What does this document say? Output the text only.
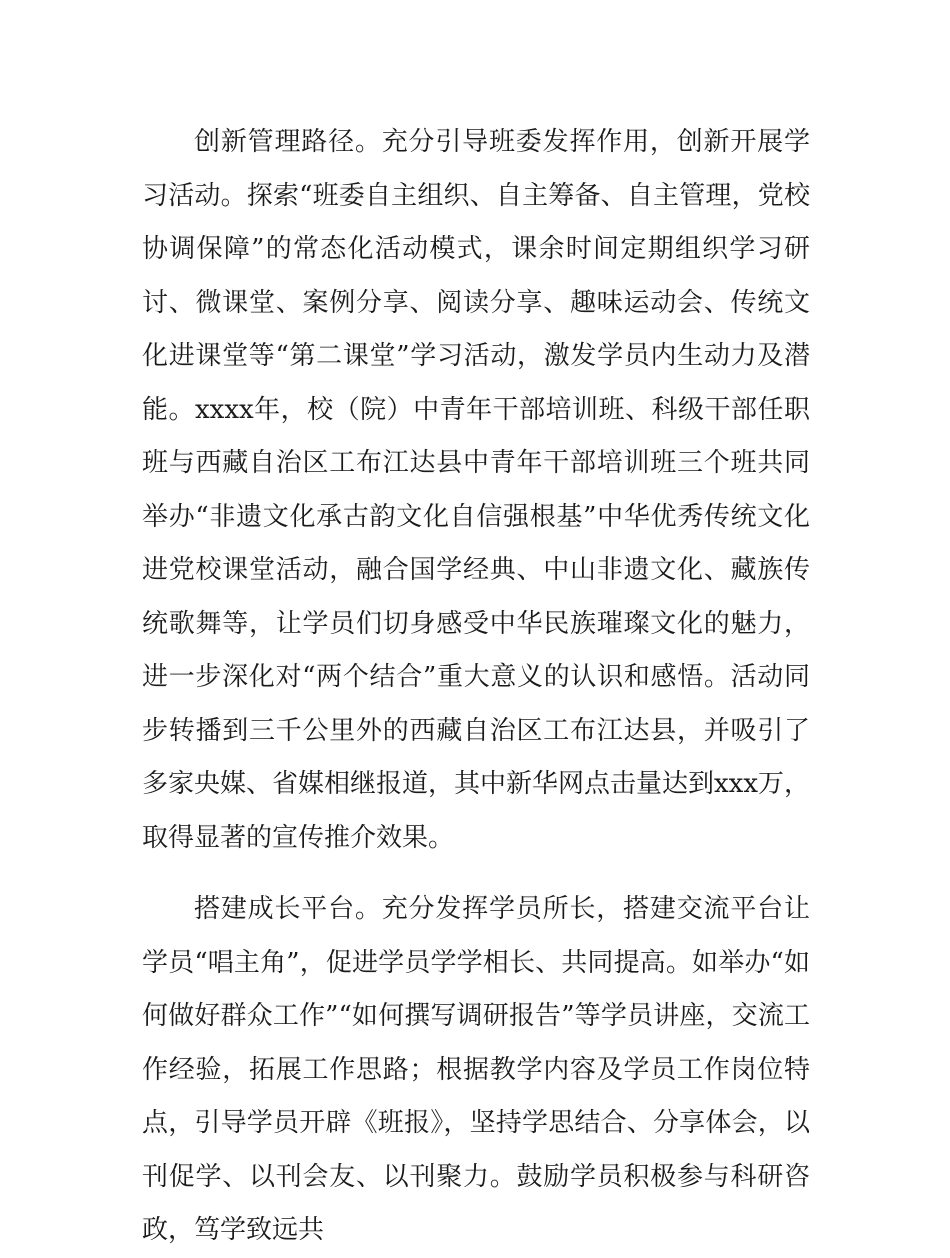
创新管理路径。充分引导班委发挥作用，创新开展学习活动。探索“班委自主组织、自主筹备、自主管理，党校协调保障”的常态化活动模式，课余时间定期组织学习研讨、微课堂、案例分享、阅读分享、趣味运动会、传统文化进课堂等“第二课堂”学习活动，激发学员内生动力及潜能。xxxx年，校（院）中青年干部培训班、科级干部任职班与西藏自治区工布江达县中青年干部培训班三个班共同举办“非遗文化承古韵文化自信强根基”中华优秀传统文化进党校课堂活动，融合国学经典、中山非遗文化、藏族传统歌舞等，让学员们切身感受中华民族璀璨文化的魅力，进一步深化对“两个结合”重大意义的认识和感悟。活动同步转播到三千公里外的西藏自治区工布江达县，并吸引了多家央媒、省媒相继报道，其中新华网点击量达到xxx万，取得显著的宣传推介效果。

搭建成长平台。充分发挥学员所长，搭建交流平台让学员“唱主角”，促进学员学学相长、共同提高。如举办“如何做好群众工作”“如何撰写调研报告”等学员讲座，交流工作经验，拓展工作思路；根据教学内容及学员工作岗位特点，引导学员开辟《班报》，坚持学思结合、分享体会，以刊促学、以刊会友、以刊聚力。鼓励学员积极参与科研咨政，笃学致远共
